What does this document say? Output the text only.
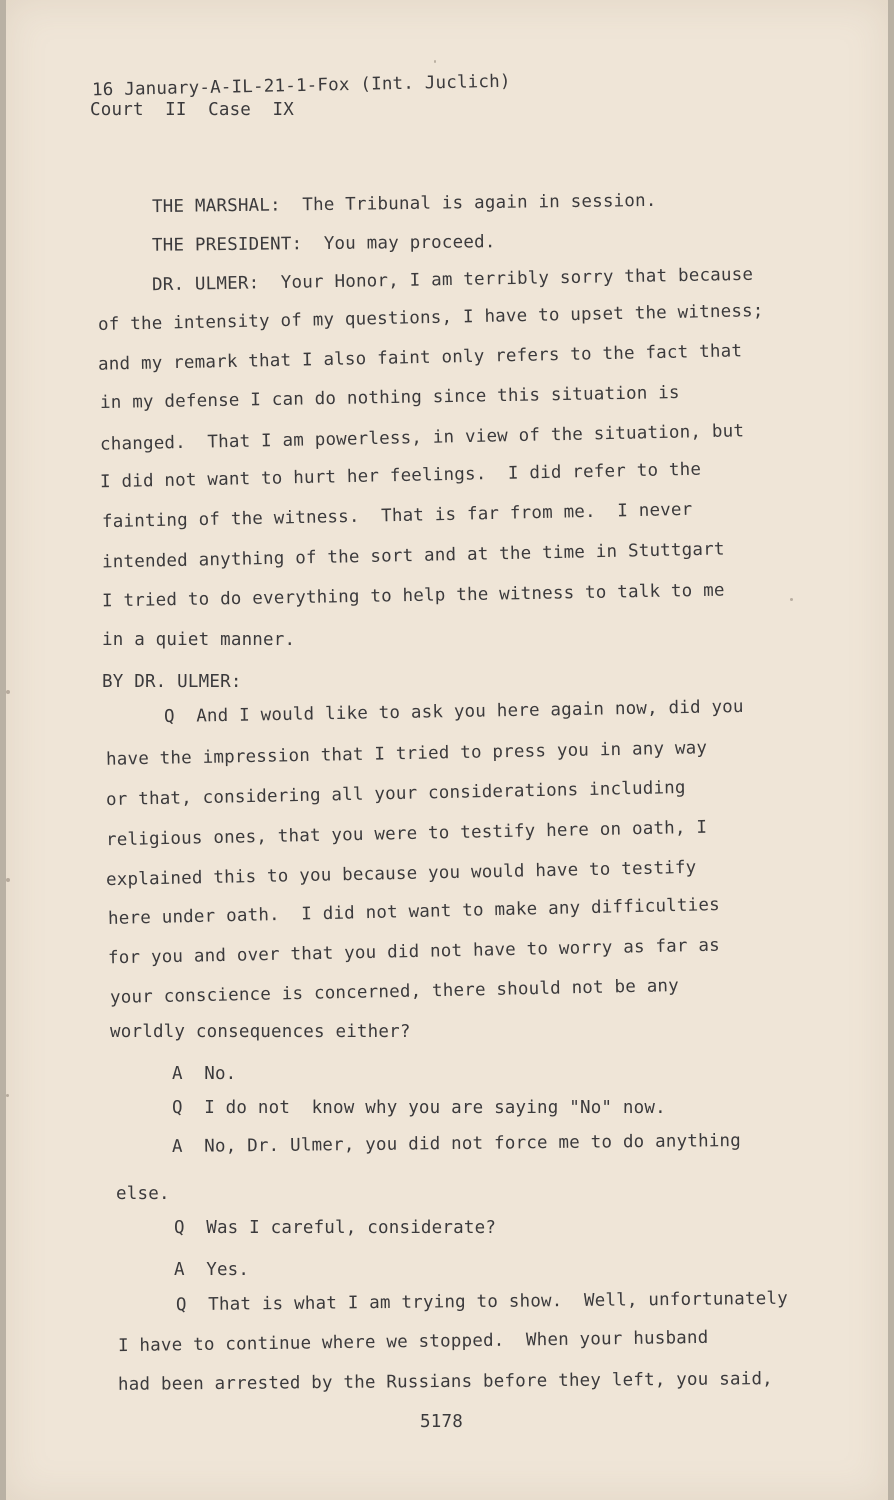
16 January-A-IL-21-1-Fox (Int. Juclich)
Court  II  Case  IX
THE MARSHAL:  The Tribunal is again in session.
THE PRESIDENT:  You may proceed.
DR. ULMER:  Your Honor, I am terribly sorry that because
of the intensity of my questions, I have to upset the witness;
and my remark that I also faint only refers to the fact that
in my defense I can do nothing since this situation is
changed.  That I am powerless, in view of the situation, but
I did not want to hurt her feelings.  I did refer to the
fainting of the witness.  That is far from me.  I never
intended anything of the sort and at the time in Stuttgart
I tried to do everything to help the witness to talk to me
in a quiet manner.
BY DR. ULMER:
Q  And I would like to ask you here again now, did you
have the impression that I tried to press you in any way
or that, considering all your considerations including
religious ones, that you were to testify here on oath, I
explained this to you because you would have to testify
here under oath.  I did not want to make any difficulties
for you and over that you did not have to worry as far as
your conscience is concerned, there should not be any
worldly consequences either?
A  No.
Q  I do not  know why you are saying "No" now.
A  No, Dr. Ulmer, you did not force me to do anything
else.
Q  Was I careful, considerate?
A  Yes.
Q  That is what I am trying to show.  Well, unfortunately
I have to continue where we stopped.  When your husband
had been arrested by the Russians before they left, you said,
5178
